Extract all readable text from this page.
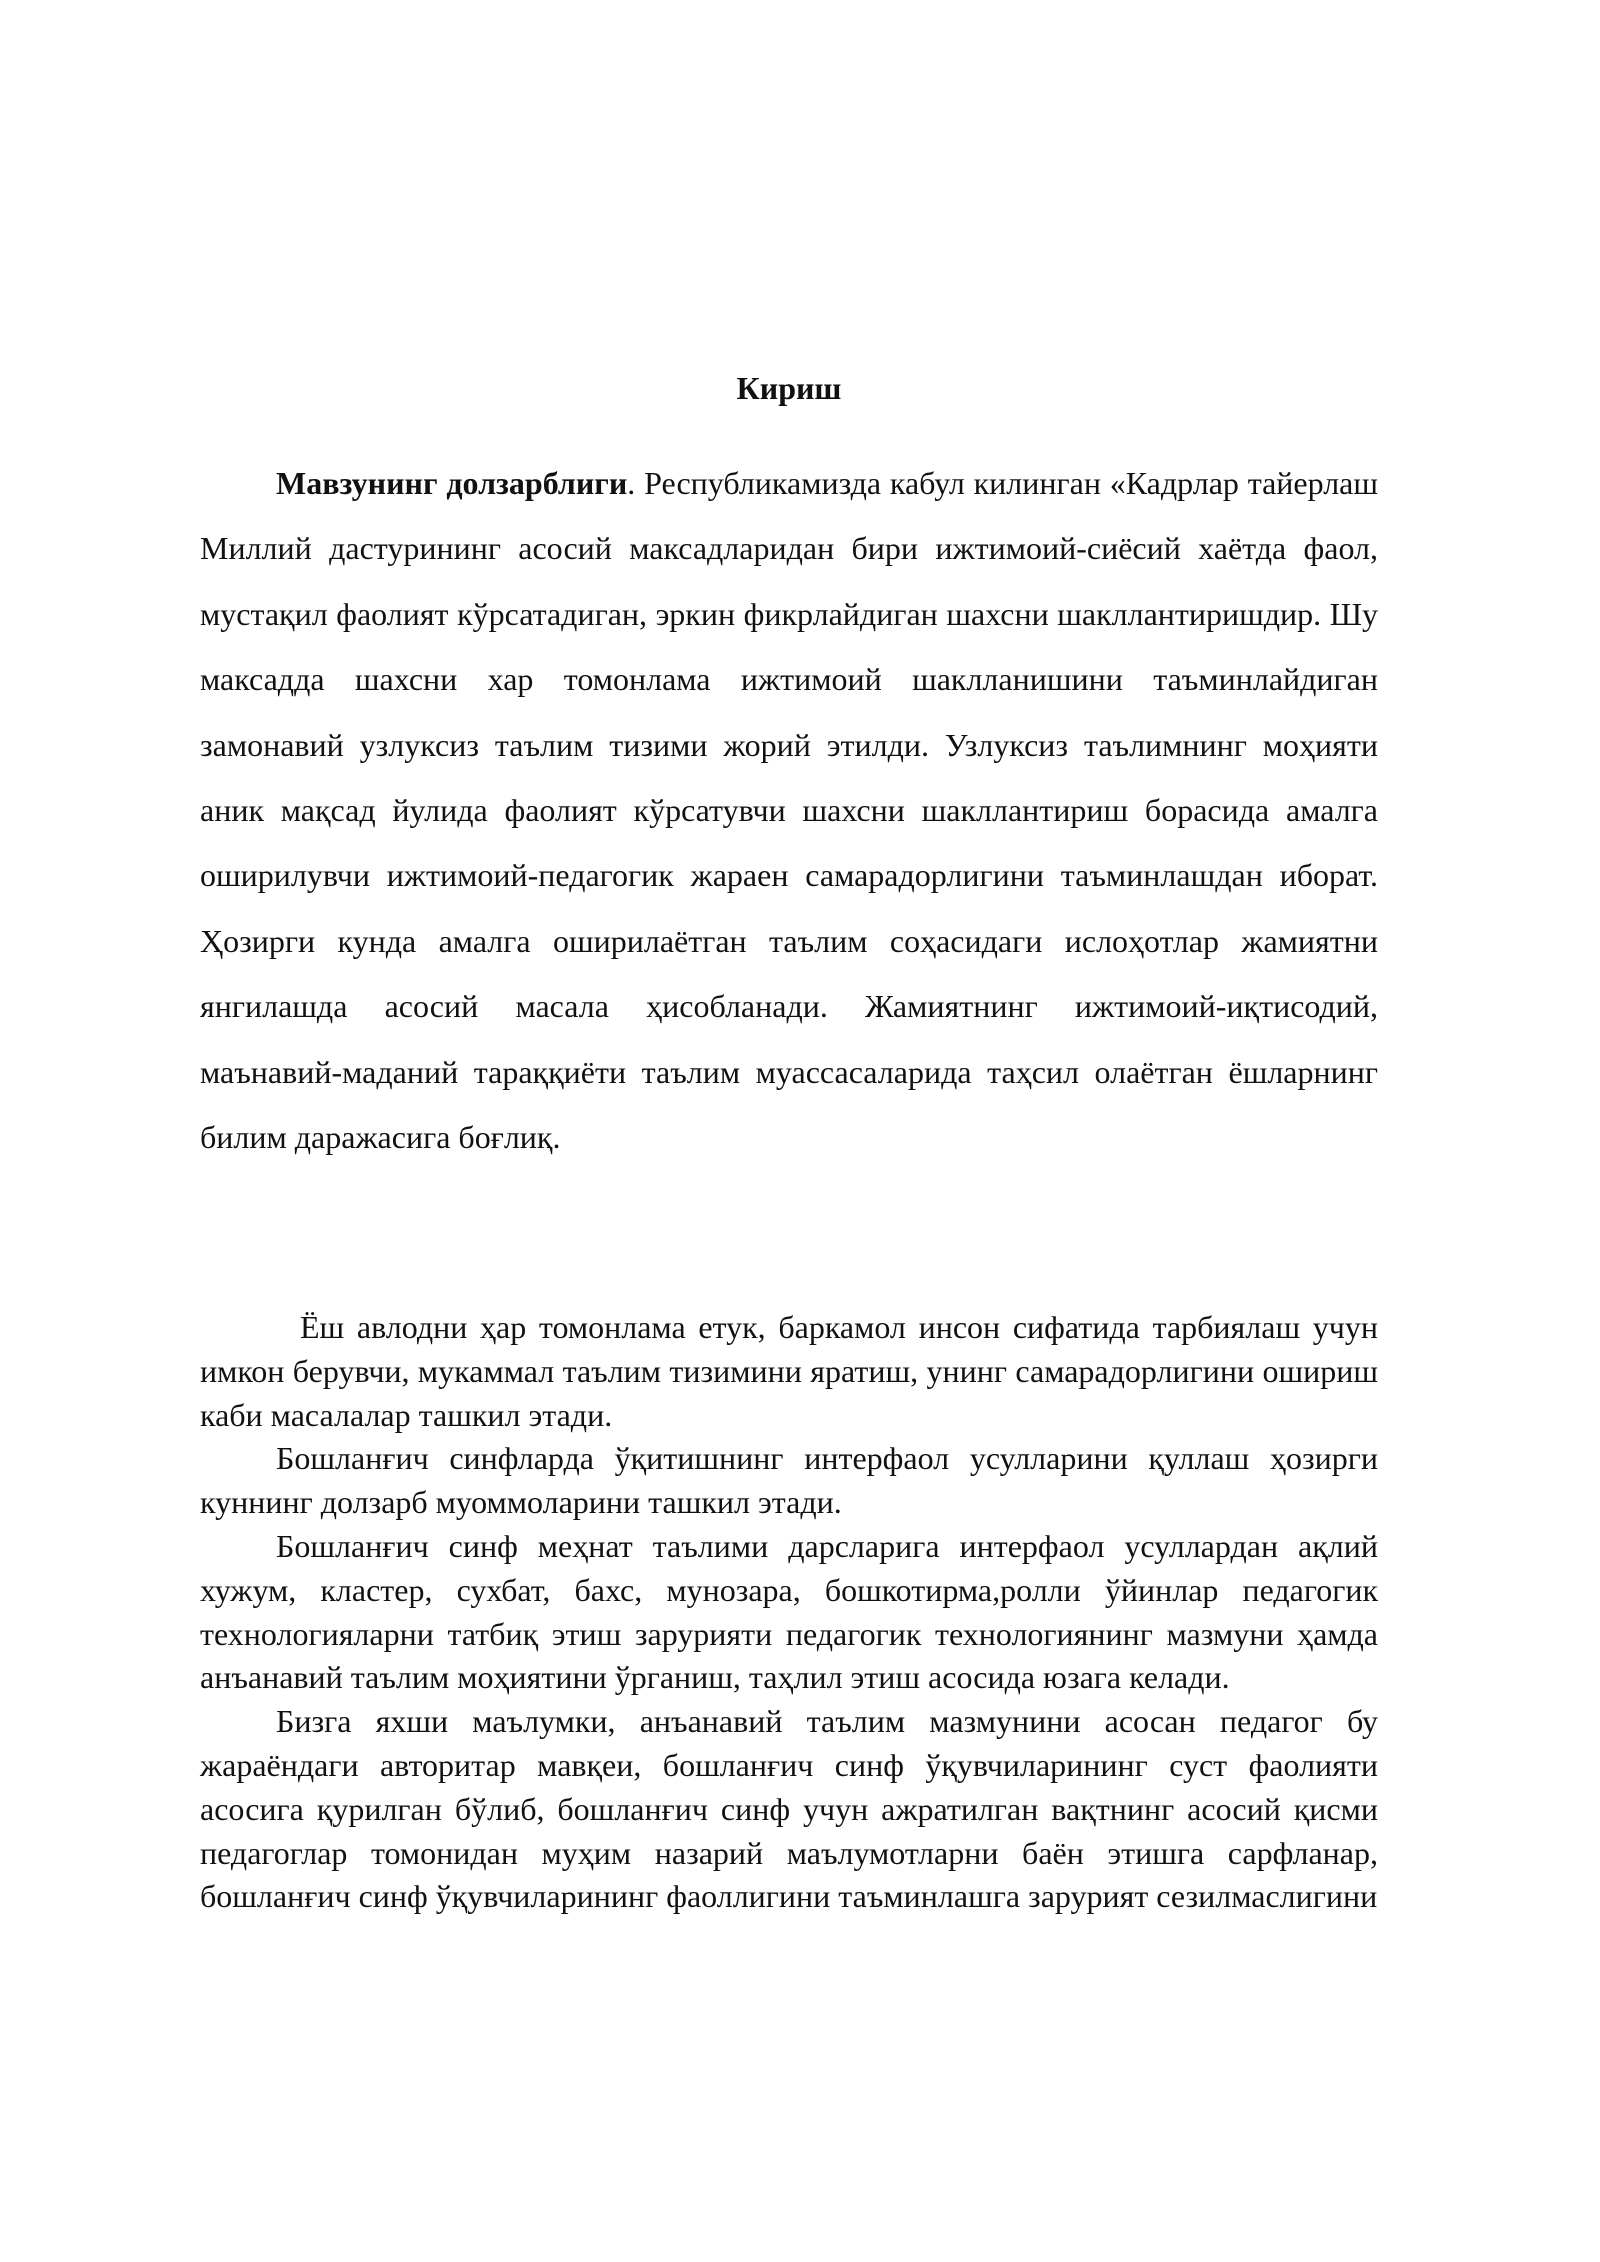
Кириш

Мавзунинг долзарблиги. Республикамизда кабул килинган «Кадрлар тайерлаш Миллий дастурининг асосий максадларидан бири ижтимоий-сиёсий хаётда фаол, мустақил фаолият кўрсатадиган, эркин фикрлайдиган шахсни шакллантиришдир. Шу максадда шахсни хар томонлама ижтимоий шаклланишини таъминлайдиган замонавий узлуксиз таълим тизими жорий этилди. Узлуксиз таълимнинг моҳияти аник мақсад йулида фаолият кўрсатувчи шахсни шакллантириш борасида амалга оширилувчи ижтимоий-педагогик жараен самарадорлигини таъминлашдан иборат. Ҳозирги кунда амалга оширилаётган таълим соҳасидаги ислоҳотлар жамиятни янгилашда асосий масала ҳисобланади. Жамиятнинг ижтимоий-иқтисодий, маънавий-маданий тараққиёти таълим муассасаларида таҳсил олаётган ёшларнинг билим даражасига боғлиқ.

Ёш авлодни ҳар томонлама етук, баркамол инсон сифатида тарбиялаш учун имкон берувчи, мукаммал таълим тизимини яратиш, унинг самарадорлигини ошириш каби масалалар ташкил этади.

Бошланғич синфларда ўқитишнинг интерфаол усулларини қуллаш ҳозирги куннинг долзарб муоммоларини ташкил этади.

Бошланғич синф меҳнат таълими дарсларига интерфаол усуллардан ақлий хужум, кластер, сухбат, бахс, мунозара, бошкотирма,ролли ўйинлар педагогик технологияларни татбиқ этиш зарурияти педагогик технологиянинг мазмуни ҳамда анъанавий таълим моҳиятини ўрганиш, таҳлил этиш асосида юзага келади.

Бизга яхши маълумки, анъанавий таълим мазмунини асосан педагог бу жараёндаги авторитар мавқеи, бошланғич синф ўқувчиларининг суст фаолияти асосига қурилган бўлиб, бошланғич синф учун ажратилган вақтнинг асосий қисми педагоглар томонидан муҳим назарий маълумотларни баён этишга сарфланар, бошланғич синф ўқувчиларининг фаоллигини таъминлашга зарурият сезилмаслигини
